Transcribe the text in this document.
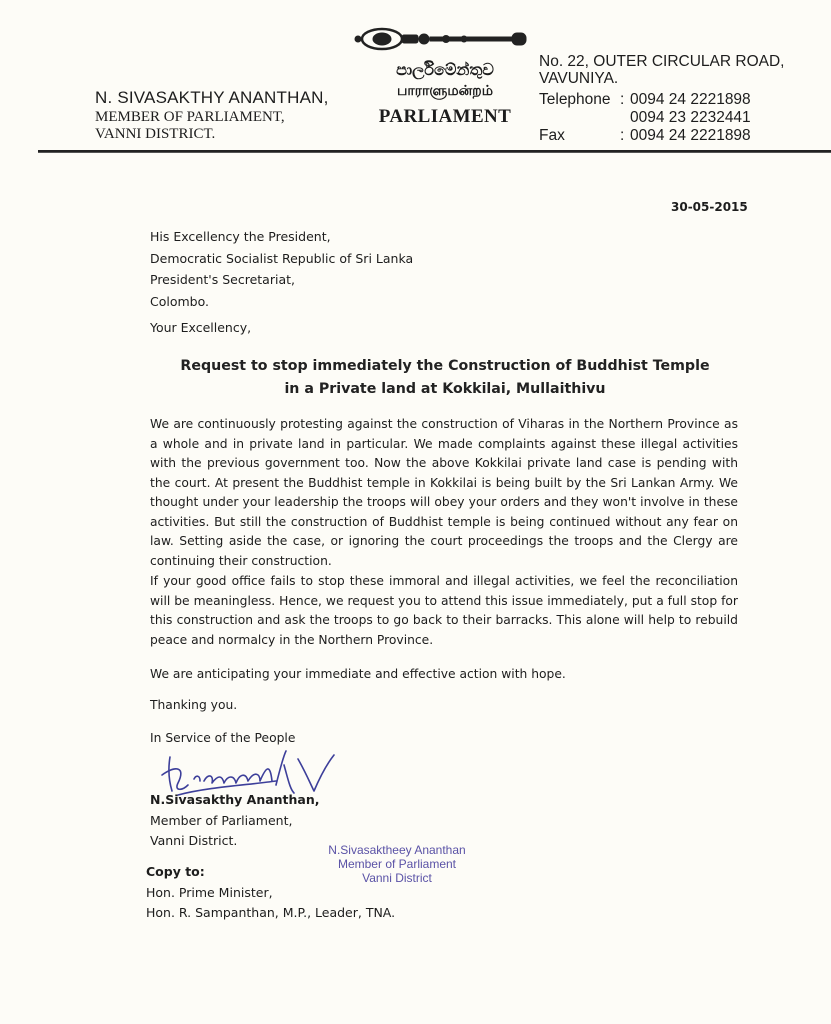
N. SIVASAKTHY ANANTHAN,
MEMBER OF PARLIAMENT,
VANNI DISTRICT.
පාර්ලිමේන්තුව
பாராளுமன்றம்
PARLIAMENT
No. 22, OUTER CIRCULAR ROAD,
VAVUNIYA.
Telephone : 0094 24 2221898
0094 23 2232441
Fax	: 0094 24 2221898
30-05-2015
His Excellency the President,
Democratic Socialist Republic of Sri Lanka
President's Secretariat,
Colombo.
Your Excellency,
Request to stop immediately the Construction of Buddhist Temple
in a Private land at Kokkilai, Mullaithivu
We are continuously protesting against the construction of Viharas in the Northern Province as a whole and in private land in particular. We made complaints against these illegal activities with the previous government too. Now the above Kokkilai private land case is pending with the court. At present the Buddhist temple in Kokkilai is being built by the Sri Lankan Army. We thought under your leadership the troops will obey your orders and they won't involve in these activities. But still the construction of Buddhist temple is being continued without any fear on law. Setting aside the case, or ignoring the court proceedings the troops and the Clergy are continuing their construction.
If your good office fails to stop these immoral and illegal activities, we feel the reconciliation will be meaningless. Hence, we request you to attend this issue immediately, put a full stop for this construction and ask the troops to go back to their barracks. This alone will help to rebuild peace and normalcy in the Northern Province.
We are anticipating your immediate and effective action with hope.
Thanking you.
In Service of the People
N.Sivasakthy Ananthan,
Member of Parliament,
Vanni District.
N.Sivasaktheey Ananthan
Member of Parliament
Vanni District
Copy to:
Hon. Prime Minister,
Hon. R. Sampanthan, M.P., Leader, TNA.
